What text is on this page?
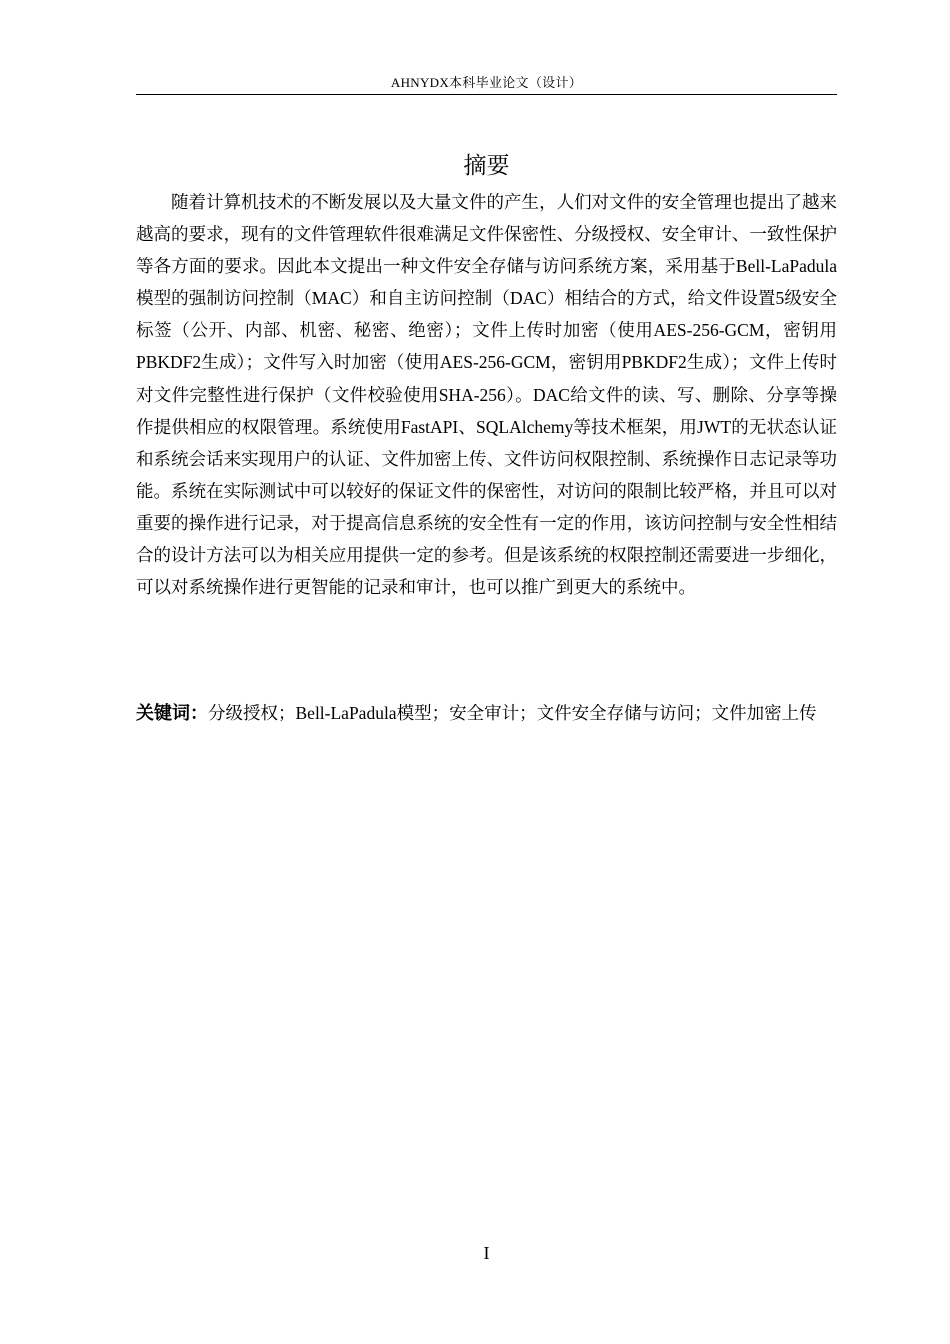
AHNYDX本科毕业论文（设计）
摘要

随着计算机技术的不断发展以及大量文件的产生，人们对文件的安全管理也提出了越来越高的要求，现有的文件管理软件很难满足文件保密性、分级授权、安全审计、一致性保护等各方面的要求。因此本文提出一种文件安全存储与访问系统方案，采用基于Bell-LaPadula模型的强制访问控制（MAC）和自主访问控制（DAC）相结合的方式，给文件设置5级安全标签（公开、内部、机密、秘密、绝密）；文件上传时加密（使用AES-256-GCM，密钥用PBKDF2生成）；文件写入时加密（使用AES-256-GCM，密钥用PBKDF2生成）；文件上传时对文件完整性进行保护（文件校验使用SHA-256）。DAC给文件的读、写、删除、分享等操作提供相应的权限管理。系统使用FastAPI、SQLAlchemy等技术框架，用JWT的无状态认证和系统会话来实现用户的认证、文件加密上传、文件访问权限控制、系统操作日志记录等功能。系统在实际测试中可以较好的保证文件的保密性，对访问的限制比较严格，并且可以对重要的操作进行记录，对于提高信息系统的安全性有一定的作用，该访问控制与安全性相结合的设计方法可以为相关应用提供一定的参考。但是该系统的权限控制还需要进一步细化，可以对系统操作进行更智能的记录和审计，也可以推广到更大的系统中。

关键词：分级授权；Bell-LaPadula模型；安全审计；文件安全存储与访问；文件加密上传

I
